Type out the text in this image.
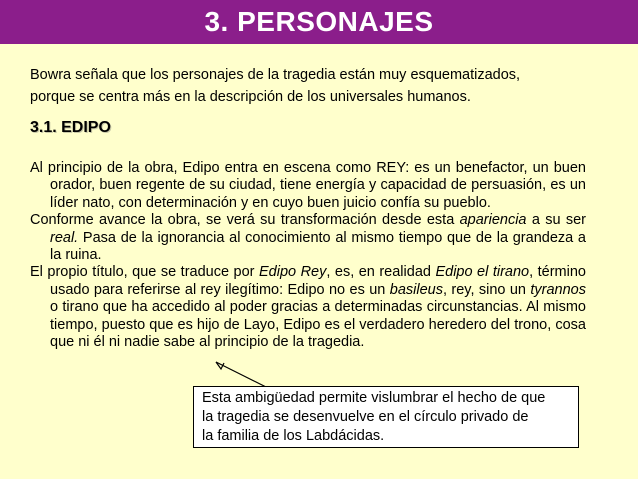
3. PERSONAJES
Bowra señala que los personajes de la tragedia están muy esquematizados,
porque se centra más en la descripción de los universales humanos.
3.1. EDIPO

Al principio de la obra, Edipo entra en escena como REY: es un benefactor, un buen orador, buen regente de su ciudad, tiene energía y capacidad de persuasión, es un líder nato, con determinación y en cuyo buen juicio confía su pueblo.

Conforme avance la obra, se verá su transformación desde esta apariencia a su ser real. Pasa de la ignorancia al conocimiento al mismo tiempo que de la grandeza a la ruina.

El propio título, que se traduce por Edipo Rey, es, en realidad Edipo el tirano, término usado para referirse al rey ilegítimo: Edipo no es un basileus, rey, sino un tyrannos o tirano que ha accedido al poder gracias a determinadas circunstancias. Al mismo tiempo, puesto que es hijo de Layo, Edipo es el verdadero heredero del trono, cosa que ni él ni nadie sabe al principio de la tragedia.

Esta ambigüedad permite vislumbrar el hecho de que
la tragedia se desenvuelve en el círculo privado de
la familia de los Labdácidas.
